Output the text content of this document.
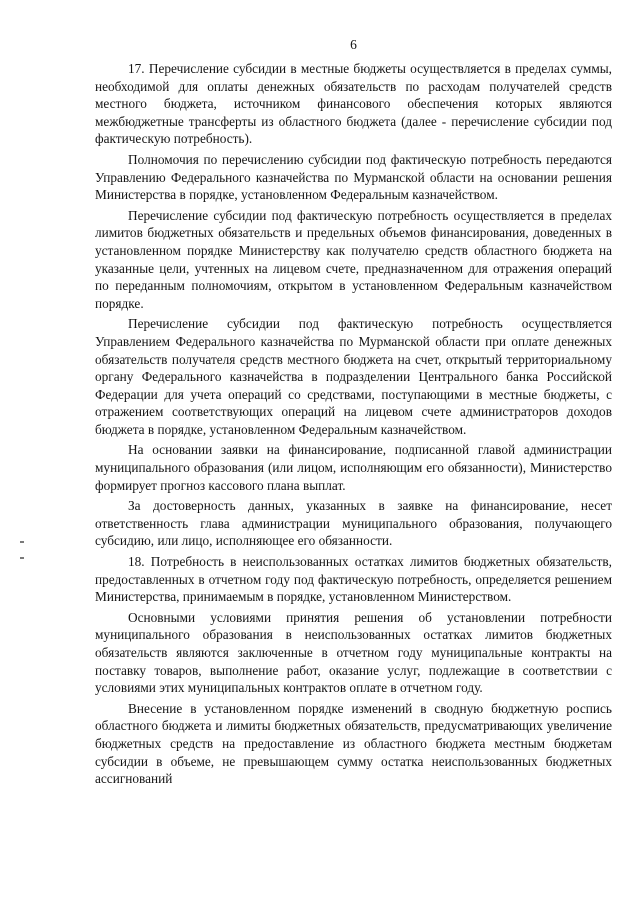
6

17. Перечисление субсидии в местные бюджеты осуществляется в пределах суммы, необходимой для оплаты денежных обязательств по расходам получателей средств местного бюджета, источником финансового обеспечения которых являются межбюджетные трансферты из областного бюджета (далее - перечисление субсидии под фактическую потребность).

Полномочия по перечислению субсидии под фактическую потребность передаются Управлению Федерального казначейства по Мурманской области на основании решения Министерства в порядке, установленном Федеральным казначейством.

Перечисление субсидии под фактическую потребность осуществляется в пределах лимитов бюджетных обязательств и предельных объемов финансирования, доведенных в установленном порядке Министерству как получателю средств областного бюджета на указанные цели, учтенных на лицевом счете, предназначенном для отражения операций по переданным полномочиям, открытом в установленном Федеральным казначейством порядке.

Перечисление субсидии под фактическую потребность осуществляется Управлением Федерального казначейства по Мурманской области при оплате денежных обязательств получателя средств местного бюджета на счет, открытый территориальному органу Федерального казначейства в подразделении Центрального банка Российской Федерации для учета операций со средствами, поступающими в местные бюджеты, с отражением соответствующих операций на лицевом счете администраторов доходов бюджета в порядке, установленном Федеральным казначейством.

На основании заявки на финансирование, подписанной главой администрации муниципального образования (или лицом, исполняющим его обязанности), Министерство формирует прогноз кассового плана выплат.

За достоверность данных, указанных в заявке на финансирование, несет ответственность глава администрации муниципального образования, получающего субсидию, или лицо, исполняющее его обязанности.

18. Потребность в неиспользованных остатках лимитов бюджетных обязательств, предоставленных в отчетном году под фактическую потребность, определяется решением Министерства, принимаемым в порядке, установленном Министерством.

Основными условиями принятия решения об установлении потребности муниципального образования в неиспользованных остатках лимитов бюджетных обязательств являются заключенные в отчетном году муниципальные контракты на поставку товаров, выполнение работ, оказание услуг, подлежащие в соответствии с условиями этих муниципальных контрактов оплате в отчетном году.

Внесение в установленном порядке изменений в сводную бюджетную роспись областного бюджета и лимиты бюджетных обязательств, предусматривающих увеличение бюджетных средств на предоставление из областного бюджета местным бюджетам субсидии в объеме, не превышающем сумму остатка неиспользованных бюджетных ассигнований
